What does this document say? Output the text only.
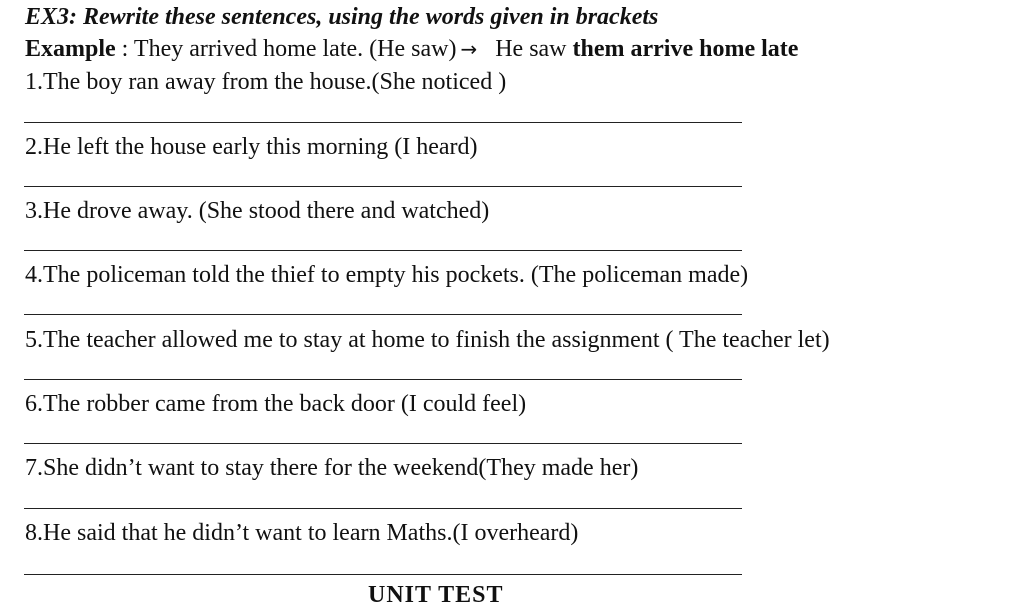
EX3: Rewrite these sentences, using the words given in brackets
Example : They arrived home late. (He saw) → He saw them arrive home late
1.The boy ran away from the house.(She noticed )
2.He left the house early this morning (I heard)
3.He drove away. (She stood there and watched)
4.The policeman told the thief to empty his pockets. (The policeman made)
5.The teacher allowed me to stay at home to finish the assignment ( The teacher let)
6.The robber came from the back door (I could feel)
7.She didn’t want to stay there for the weekend(They made her)
8.He said that he didn’t want to learn Maths.(I overheard)
UNIT TEST
